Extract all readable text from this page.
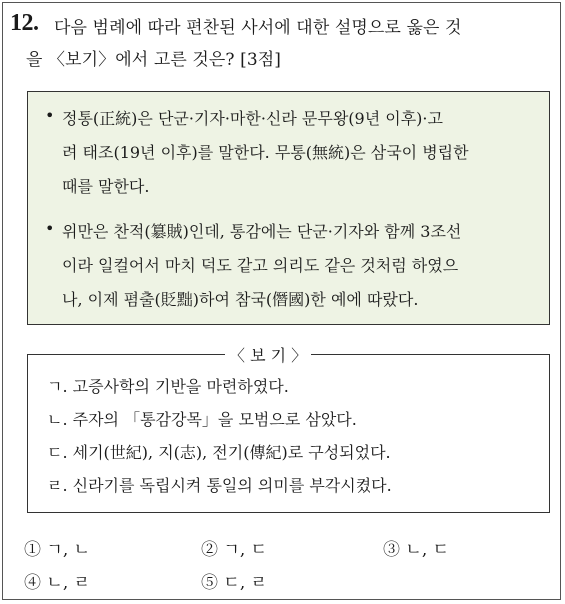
12. 다음 범례에 따라 편찬된 사서에 대한 설명으로 옳은 것
을 〈보기〉에서 고른 것은? [3점]
• 정통(正統)은 단군·기자·마한·신라 문무왕(9년 이후)·고
려 태조(19년 이후)를 말한다. 무통(無統)은 삼국이 병립한
때를 말한다.
• 위만은 찬적(簒賊)인데, 통감에는 단군·기자와 함께 3조선
이라 일컬어서 마치 덕도 같고 의리도 같은 것처럼 하였으
나, 이제 폄출(貶黜)하여 참국(僭國)한 예에 따랐다.
〈 보 기 〉
ㄱ. 고증사학의 기반을 마련하였다.
ㄴ. 주자의 「통감강목」을 모범으로 삼았다.
ㄷ. 세기(世紀), 지(志), 전기(傳紀)로 구성되었다.
ㄹ. 신라기를 독립시켜 통일의 의미를 부각시켰다.
① ㄱ, ㄴ	② ㄱ, ㄷ	③ ㄴ, ㄷ
④ ㄴ, ㄹ	⑤ ㄷ, ㄹ
